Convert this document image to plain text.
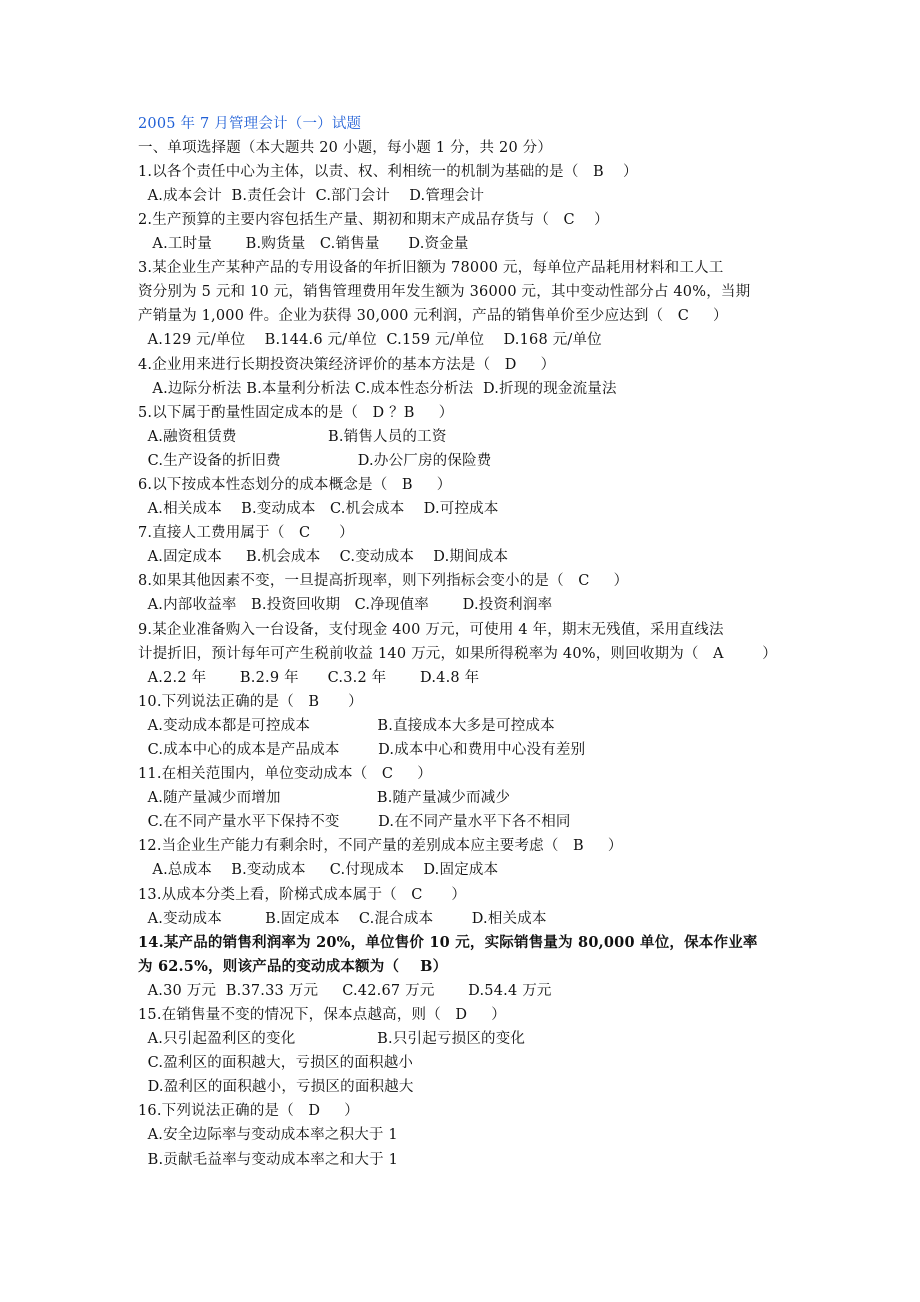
2005 年 7 月管理会计（一）试题
一、单项选择题（本大题共 20 小题，每小题 1 分，共 20 分）
1.以各个责任中心为主体，以责、权、利相统一的机制为基础的是（   B    ）
A.成本会计  B.责任会计  C.部门会计    D.管理会计
2.生产预算的主要内容包括生产量、期初和期末产成品存货与（   C    ）
A.工时量       B.购货量   C.销售量      D.资金量
3.某企业生产某种产品的专用设备的年折旧额为 78000 元，每单位产品耗用材料和工人工
资分别为 5 元和 10 元，销售管理费用年发生额为 36000 元，其中变动性部分占 40%，当期
产销量为 1,000 件。企业为获得 30,000 元利润，产品的销售单价至少应达到（   C     ）
A.129 元/单位    B.144.6 元/单位  C.159 元/单位    D.168 元/单位
4.企业用来进行长期投资决策经济评价的基本方法是（   D     ）
A.边际分析法 B.本量利分析法 C.成本性态分析法  D.折现的现金流量法
5.以下属于酌量性固定成本的是（   D ？B     ）
A.融资租赁费                   B.销售人员的工资
C.生产设备的折旧费                D.办公厂房的保险费
6.以下按成本性态划分的成本概念是（   B     ）
A.相关成本    B.变动成本   C.机会成本    D.可控成本
7.直接人工费用属于（   C      ）
A.固定成本     B.机会成本    C.变动成本    D.期间成本
8.如果其他因素不变，一旦提高折现率，则下列指标会变小的是（   C     ）
A.内部收益率   B.投资回收期   C.净现值率       D.投资利润率
9.某企业准备购入一台设备，支付现金 400 万元，可使用 4 年，期末无残值，采用直线法
计提折旧，预计每年可产生税前收益 140 万元，如果所得税率为 40%，则回收期为（   A        ）
A.2.2 年       B.2.9 年      C.3.2 年       D.4.8 年
10.下列说法正确的是（   B      ）
A.变动成本都是可控成本              B.直接成本大多是可控成本
C.成本中心的成本是产品成本        D.成本中心和费用中心没有差别
11.在相关范围内，单位变动成本（   C     ）
A.随产量减少而增加                    B.随产量减少而减少
C.在不同产量水平下保持不变        D.在不同产量水平下各不相同
12.当企业生产能力有剩余时，不同产量的差别成本应主要考虑（   B     ）
A.总成本    B.变动成本     C.付现成本    D.固定成本
13.从成本分类上看，阶梯式成本属于（   C      ）
A.变动成本         B.固定成本    C.混合成本        D.相关成本
14.某产品的销售利润率为 20%，单位售价 10 元，实际销售量为 80,000 单位，保本作业率
为 62.5%，则该产品的变动成本额为（    B）
A.30 万元  B.37.33 万元     C.42.67 万元       D.54.4 万元
15.在销售量不变的情况下，保本点越高，则（   D     ）
A.只引起盈利区的变化                 B.只引起亏损区的变化
C.盈利区的面积越大，亏损区的面积越小
D.盈利区的面积越小，亏损区的面积越大
16.下列说法正确的是（   D     ）
A.安全边际率与变动成本率之积大于 1
B.贡献毛益率与变动成本率之和大于 1
